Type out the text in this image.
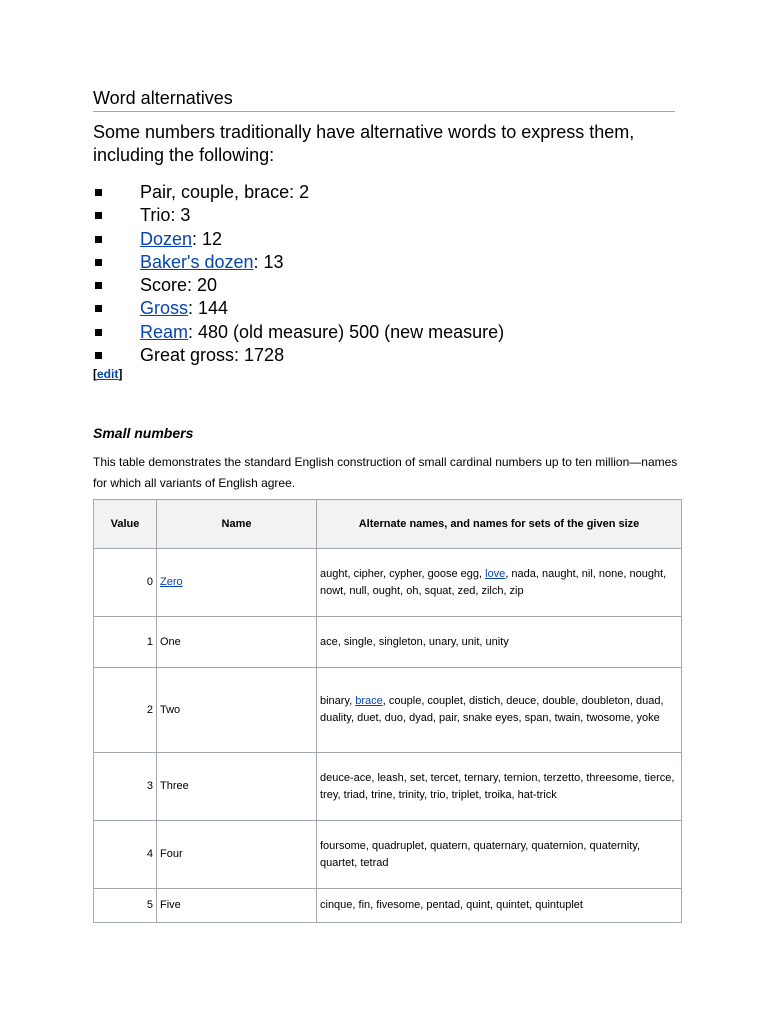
Word alternatives
Some numbers traditionally have alternative words to express them, including the following:
Pair, couple, brace: 2
Trio: 3
Dozen: 12
Baker's dozen: 13
Score: 20
Gross: 144
Ream: 480 (old measure) 500 (new measure)
Great gross: 1728
[edit]
Small numbers
This table demonstrates the standard English construction of small cardinal numbers up to ten million—names for which all variants of English agree.
Value	Name	Alternate names, and names for sets of the given size
0	Zero	aught, cipher, cypher, goose egg, love, nada, naught, nil, none, nought, nowt, null, ought, oh, squat, zed, zilch, zip
1	One	ace, single, singleton, unary, unit, unity
2	Two	binary, brace, couple, couplet, distich, deuce, double, doubleton, duad, duality, duet, duo, dyad, pair, snake eyes, span, twain, twosome, yoke
3	Three	deuce-ace, leash, set, tercet, ternary, ternion, terzetto, threesome, tierce, trey, triad, trine, trinity, trio, triplet, troika, hat-trick
4	Four	foursome, quadruplet, quatern, quaternary, quaternion, quaternity, quartet, tetrad
5	Five	cinque, fin, fivesome, pentad, quint, quintet, quintuplet
